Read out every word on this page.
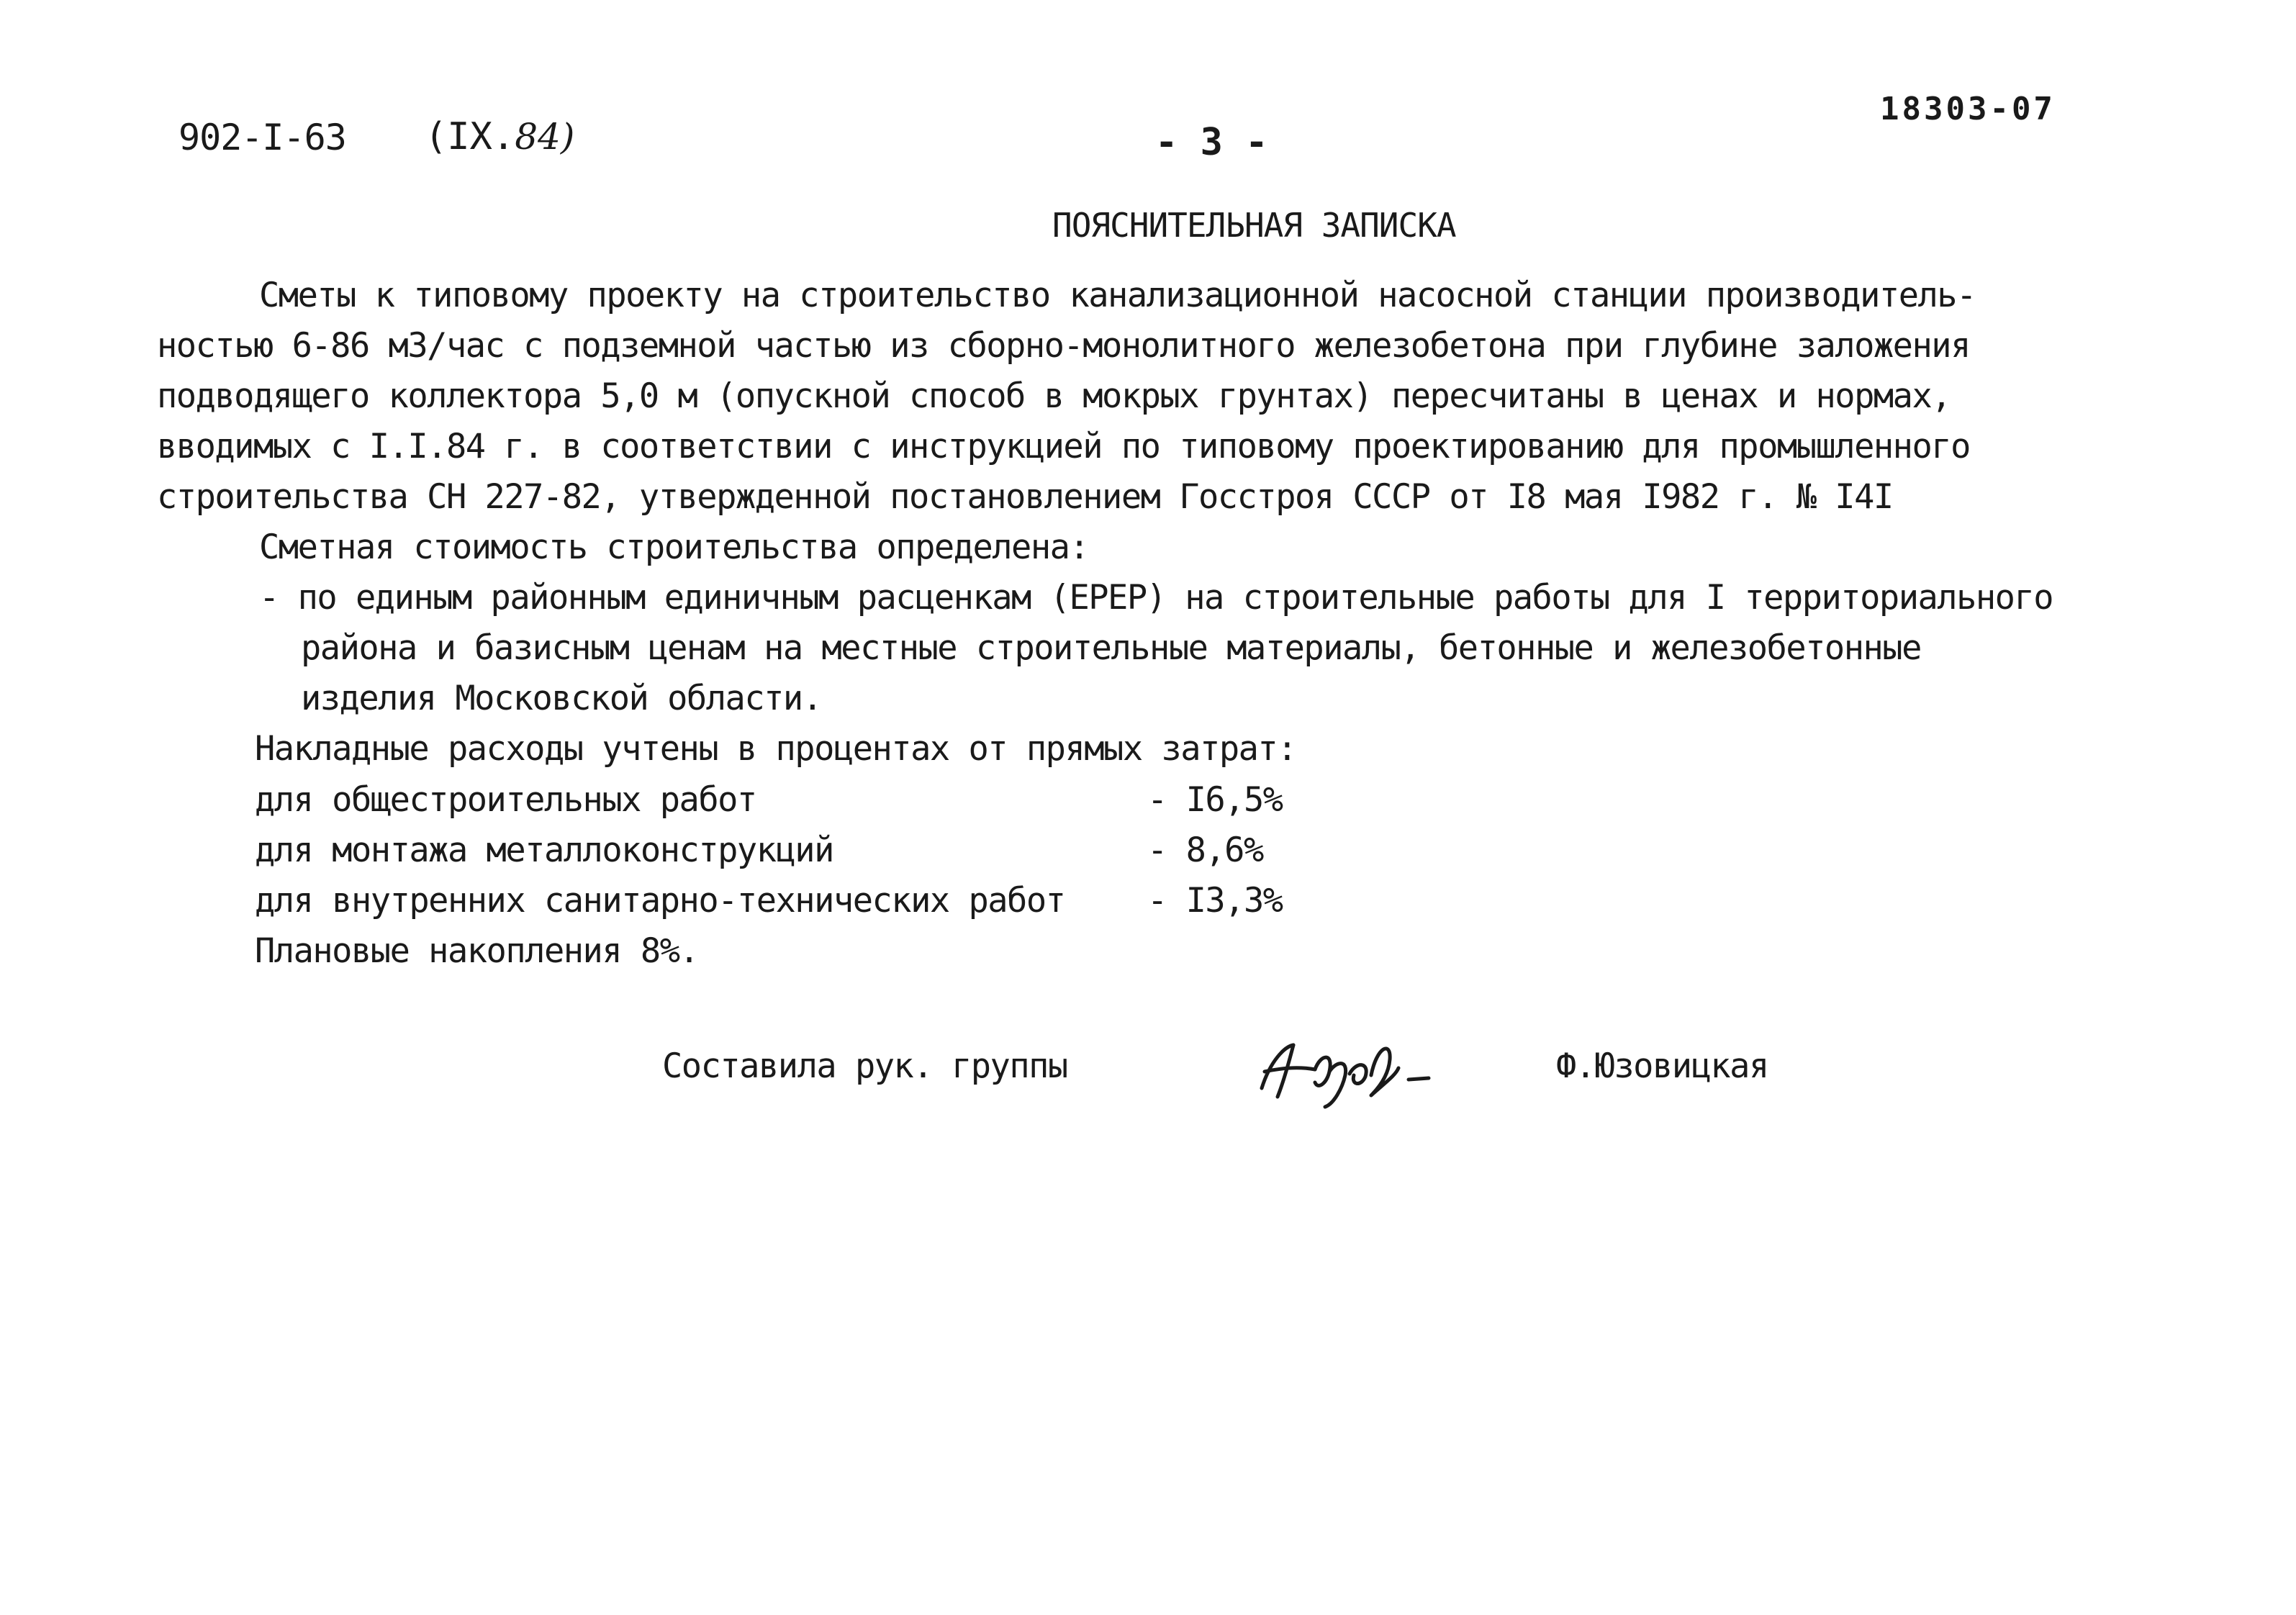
902-I-63 (IX.84)	- 3 -
18303-07
ПОЯСНИТЕЛЬНАЯ ЗАПИСКА
Сметы к типовому проекту на строительство канализационной насосной станции производитель-
ностью 6-86 м3/час с подземной частью из сборно-монолитного железобетона при глубине заложения
подводящего коллектора 5,0 м (опускной способ в мокрых грунтах) пересчитаны в ценах и нормах,
вводимых с I.I.84 г. в соответствии с инструкцией по типовому проектированию для промышленного
строительства СН 227-82, утвержденной постановлением Госстроя СССР от I8 мая I982 г. № I4I
Сметная стоимость строительства определена:
- по единым районным единичным расценкам (ЕРЕР) на строительные работы для I территориального
района и базисным ценам на местные строительные материалы, бетонные и железобетонные
изделия Московской области.
Накладные расходы учтены в процентах от прямых затрат:
для общестроительных работ	- I6,5%
для монтажа металлоконструкций	- 8,6%
для внутренних санитарно-технических работ - I3,3%
Плановые накопления 8%.
Составила рук. группы	Ф.Юзовицкая
